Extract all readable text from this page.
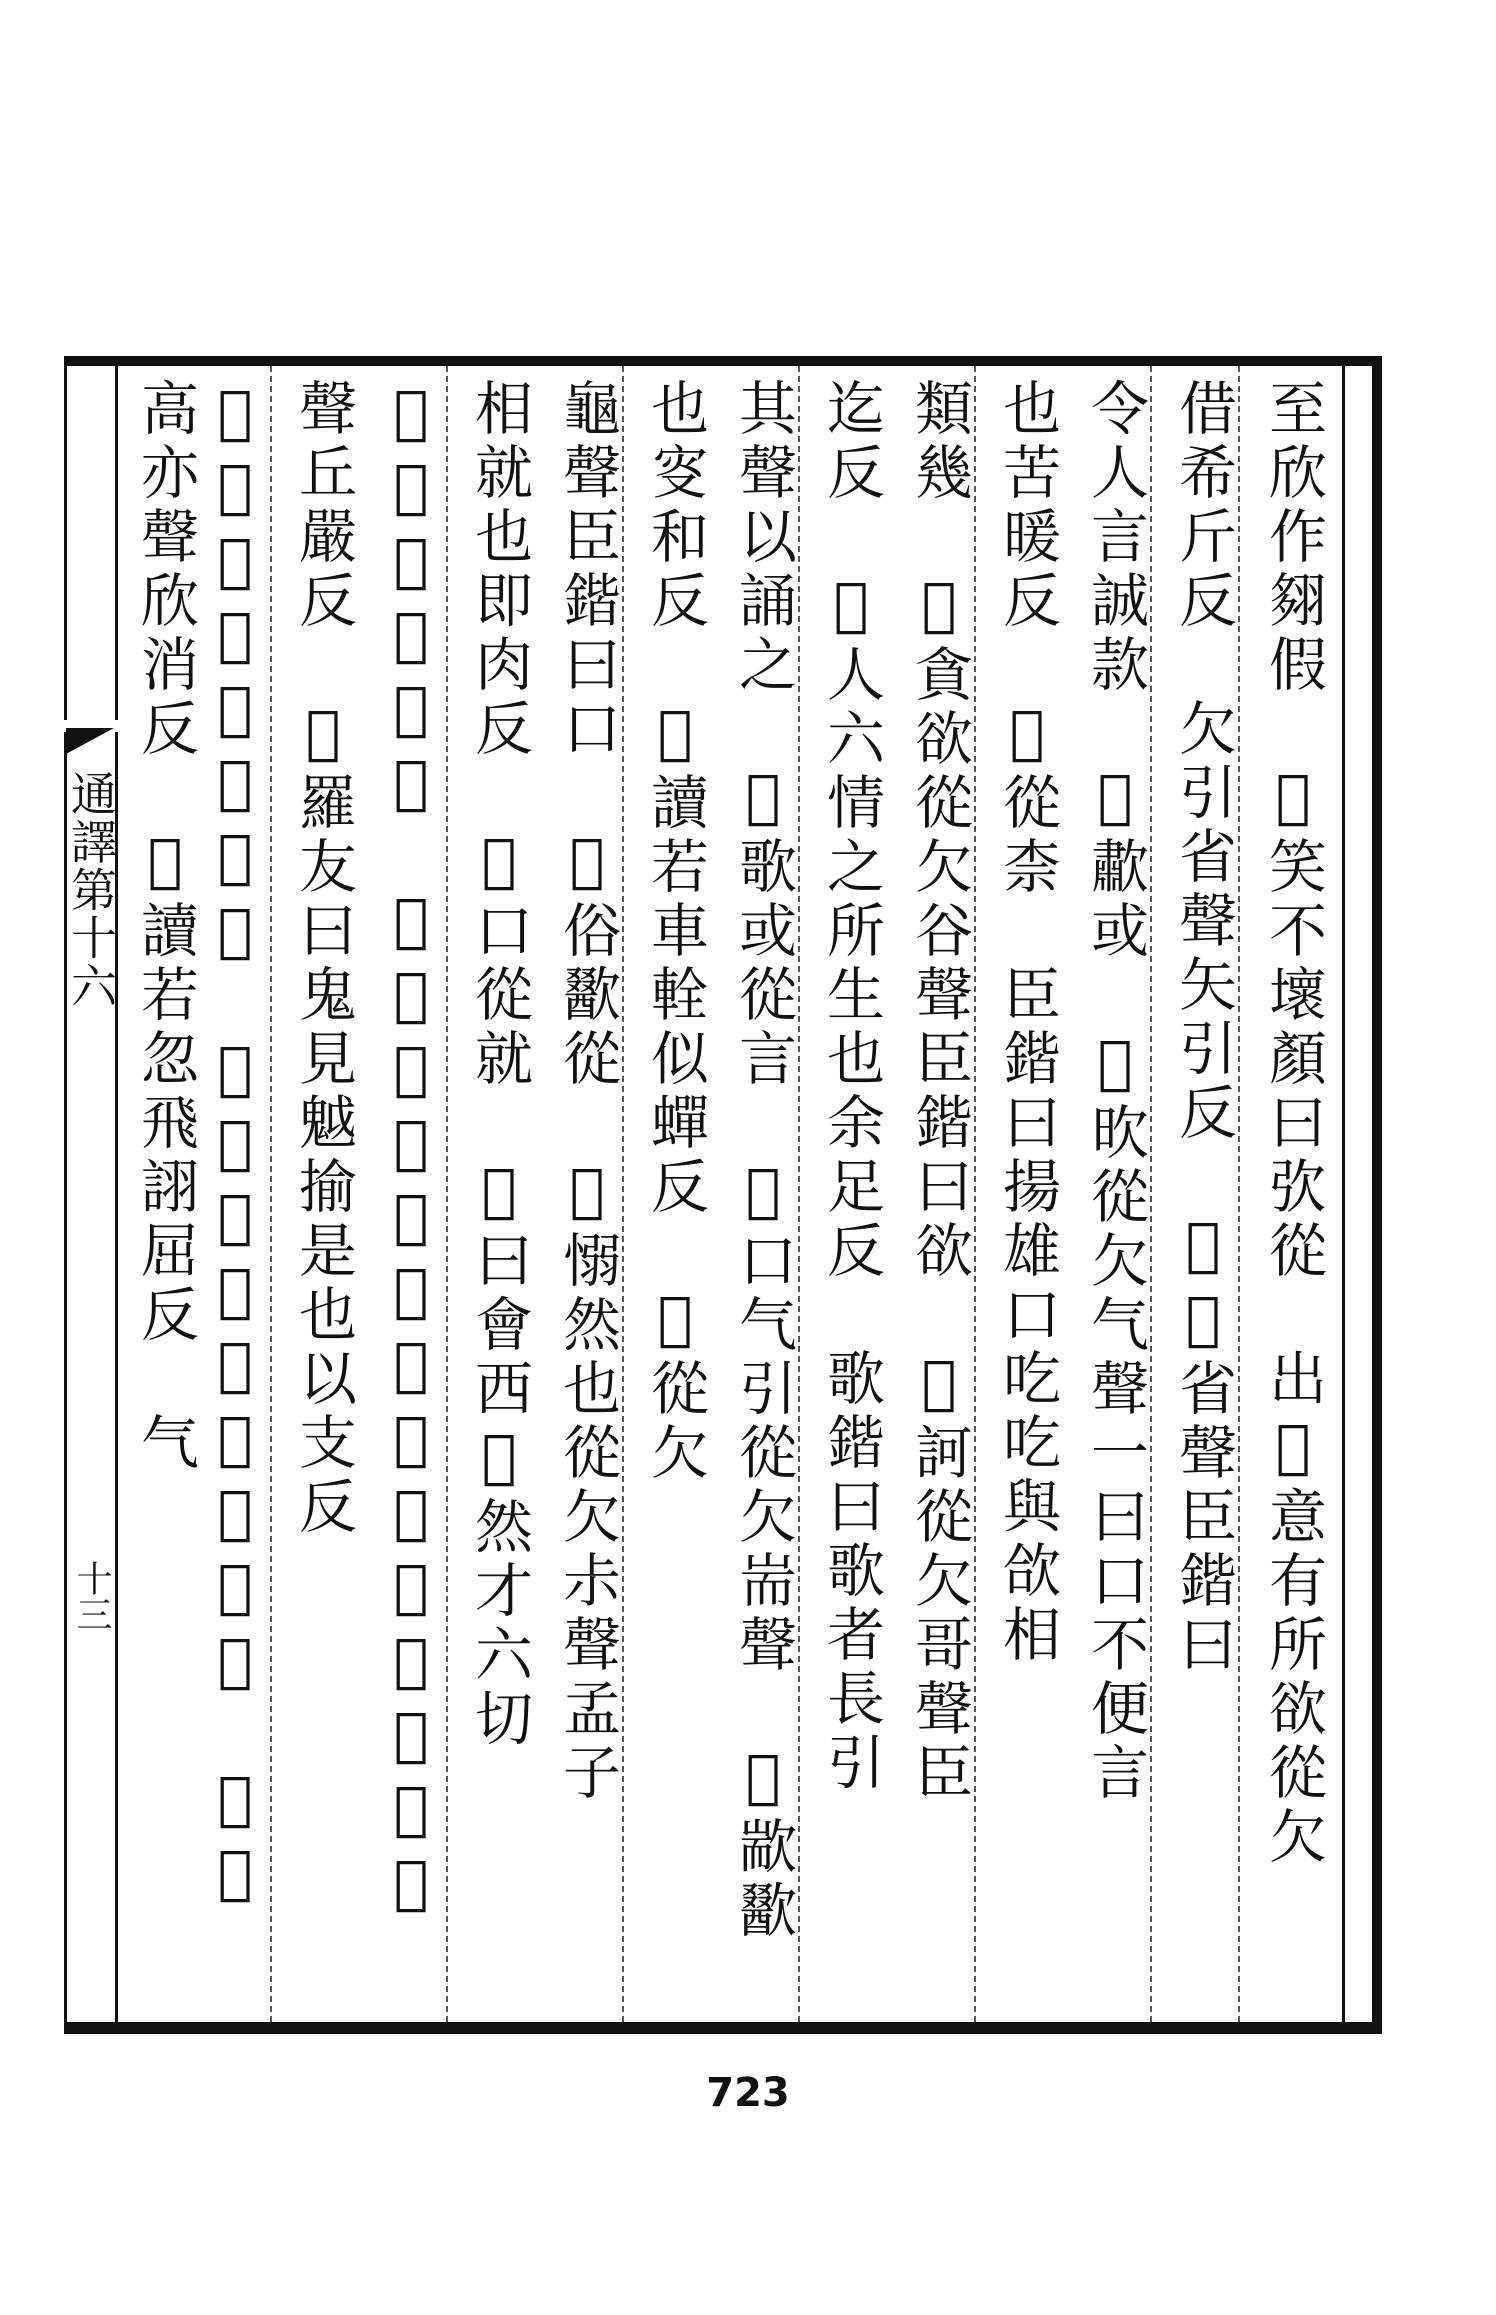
通譯第十六
十三	至欣作翗假　𢂭笑不壞顏曰弞從　出𢂭意有所欲從欠
借希斤反　欠引省聲矢引反　𢂭𢂭省聲臣鍇曰
令人言誠款　𢂭歗或　𢂭欥從欠气聲一曰口不便言
也苦暖反　𢂭從柰　臣鍇曰揚雄口吃吃與欱相
類幾　𢂭貪欲從欠谷聲臣鍇曰欲　𢂭訶從欠哥聲臣
迄反　𢂭人六情之所生也余足反　歌鍇曰歌者長引
其聲以誦之　𢂭歌或從言　𢂭口气引從欠耑聲　𢂭歂歠
也叜和反　𢂭讀若車輇似蟬反　𢂭從欠
龜聲臣鍇曰口　𢂭俗歠從　𢂭愵然也從欠尗聲孟子
相就也即肉反　𢂭口從就　𢂭曰會西𢂭然才六切
𢂭舍笑從欠今　𢂭人相笑歋瘉從欠虒聲臣鍇曰晉
聲丘嚴反　𢂭羅友曰鬼見魆揄是也以支反
𢂭歊气出皃從欠高　𢂭有所吹起從欠炎聲　𢂭出
高亦聲欣消反　𢂭讀若忽飛詡屈反　气
723
